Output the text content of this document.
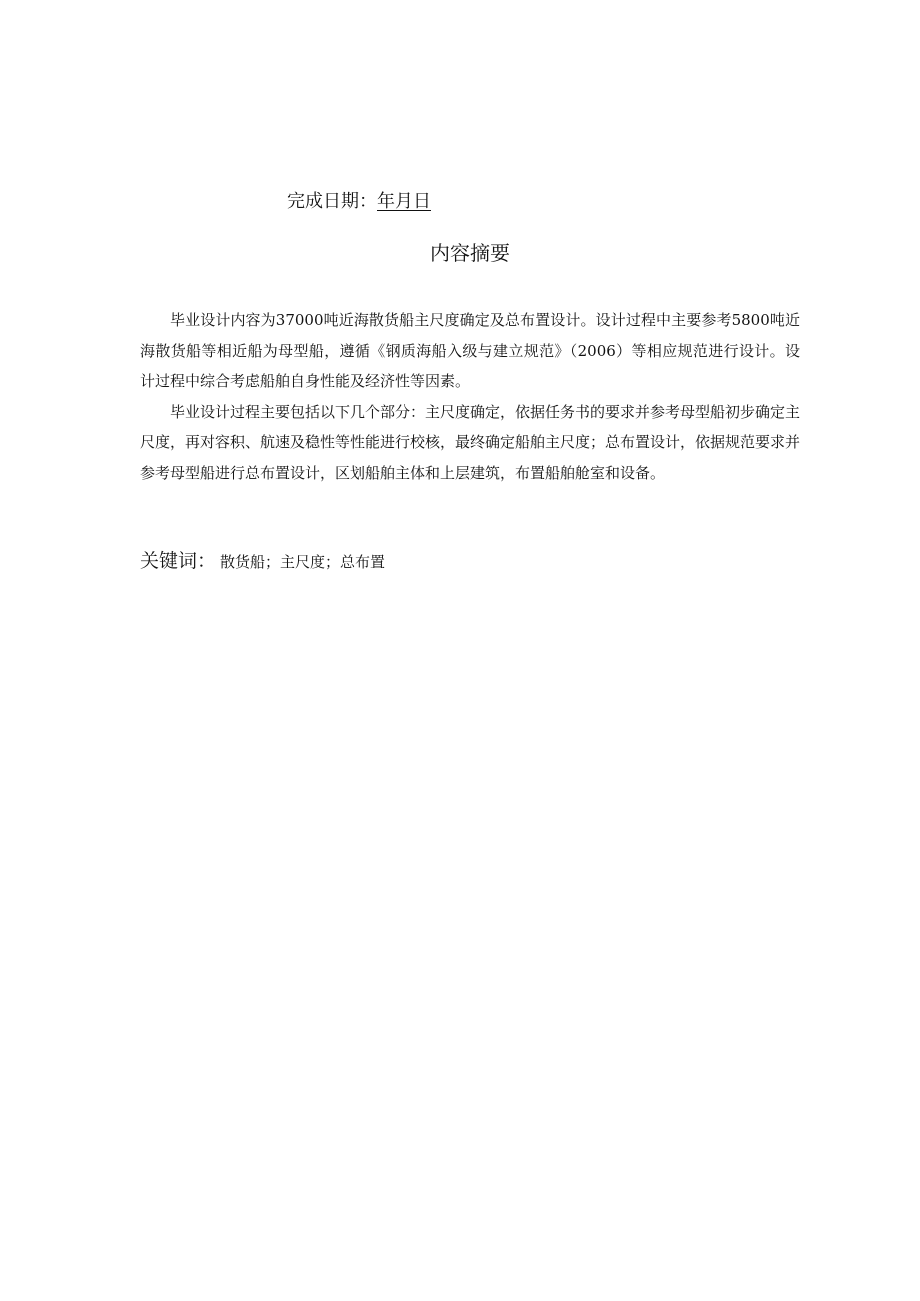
完成日期：年月日
内容摘要

毕业设计内容为37000吨近海散货船主尺度确定及总布置设计。设计过程中主要参考5800吨近海散货船等相近船为母型船，遵循《钢质海船入级与建立规范》（2006）等相应规范进行设计。设计过程中综合考虑船舶自身性能及经济性等因素。

毕业设计过程主要包括以下几个部分：主尺度确定，依据任务书的要求并参考母型船初步确定主尺度，再对容积、航速及稳性等性能进行校核，最终确定船舶主尺度；总布置设计，依据规范要求并参考母型船进行总布置设计，区划船舶主体和上层建筑，布置船舶舱室和设备。

关键词： 散货船；主尺度；总布置
